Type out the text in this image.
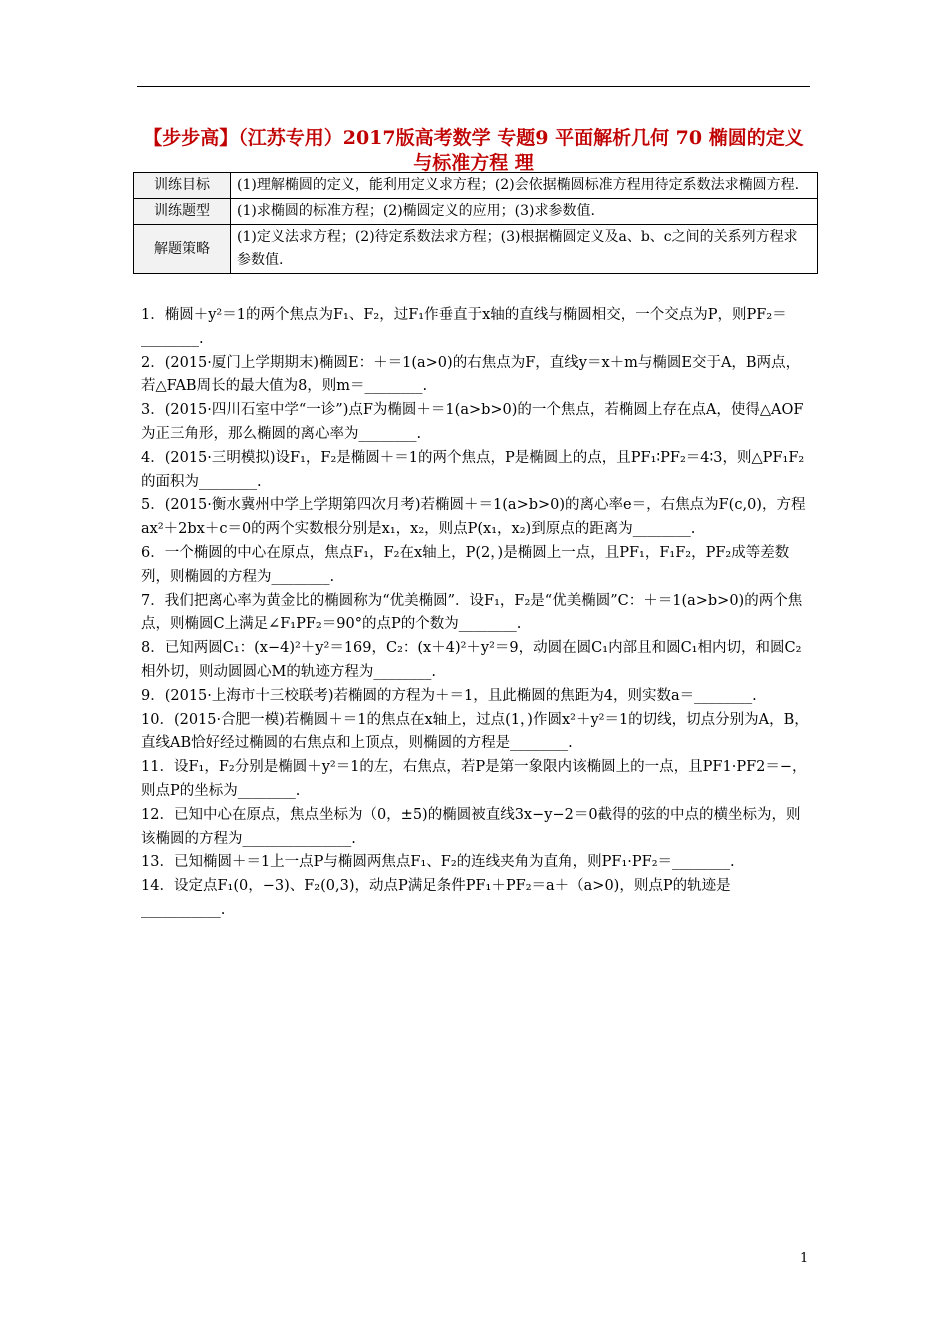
【步步高】（江苏专用）2017版高考数学 专题9 平面解析几何 70 椭圆的定义与标准方程 理
训练目标	(1)理解椭圆的定义，能利用定义求方程；(2)会依据椭圆标准方程用待定系数法求椭圆方程.
训练题型	(1)求椭圆的标准方程；(2)椭圆定义的应用；(3)求参数值.
解题策略	(1)定义法求方程；(2)待定系数法求方程；(3)根据椭圆定义及a、b、c之间的关系列方程求参数值.

1．椭圆＋y²＝1的两个焦点为F₁、F₂，过F₁作垂直于x轴的直线与椭圆相交，一个交点为P，则PF₂＝________.

2．(2015·厦门上学期期末)椭圆E：＋＝1(a>0)的右焦点为F，直线y＝x＋m与椭圆E交于A，B两点，若△FAB周长的最大值为8，则m＝________.

3．(2015·四川石室中学“一诊”)点F为椭圆＋＝1(a>b>0)的一个焦点，若椭圆上存在点A，使得△AOF为正三角形，那么椭圆的离心率为________.

4．(2015·三明模拟)设F₁，F₂是椭圆＋＝1的两个焦点，P是椭圆上的点，且PF₁∶PF₂＝4∶3，则△PF₁F₂的面积为________.

5．(2015·衡水冀州中学上学期第四次月考)若椭圆＋＝1(a>b>0)的离心率e＝，右焦点为F(c,0)，方程ax²＋2bx＋c＝0的两个实数根分别是x₁，x₂，则点P(x₁，x₂)到原点的距离为________.

6．一个椭圆的中心在原点，焦点F₁，F₂在x轴上，P(2，)是椭圆上一点，且PF₁，F₁F₂，PF₂成等差数列，则椭圆的方程为________.

7．我们把离心率为黄金比的椭圆称为“优美椭圆”．设F₁，F₂是“优美椭圆”C：＋＝1(a>b>0)的两个焦点，则椭圆C上满足∠F₁PF₂＝90°的点P的个数为________.

8．已知两圆C₁：(x−4)²＋y²＝169，C₂：(x＋4)²＋y²＝9，动圆在圆C₁内部且和圆C₁相内切，和圆C₂相外切，则动圆圆心M的轨迹方程为________.

9．(2015·上海市十三校联考)若椭圆的方程为＋＝1，且此椭圆的焦距为4，则实数a＝________.

10．(2015·合肥一模)若椭圆＋＝1的焦点在x轴上，过点(1，)作圆x²＋y²＝1的切线，切点分别为A，B，直线AB恰好经过椭圆的右焦点和上顶点，则椭圆的方程是________.

11．设F₁，F₂分别是椭圆＋y²＝1的左，右焦点，若P是第一象限内该椭圆上的一点，且PF1·PF2＝−，则点P的坐标为________.

12．已知中心在原点，焦点坐标为（0，±5)的椭圆被直线3x−y−2＝0截得的弦的中点的横坐标为，则该椭圆的方程为_______________.

13．已知椭圆＋＝1上一点P与椭圆两焦点F₁、F₂的连线夹角为直角，则PF₁·PF₂＝________.

14．设定点F₁(0，−3)、F₂(0,3)，动点P满足条件PF₁＋PF₂＝a＋（a>0)，则点P的轨迹是___________.

1
